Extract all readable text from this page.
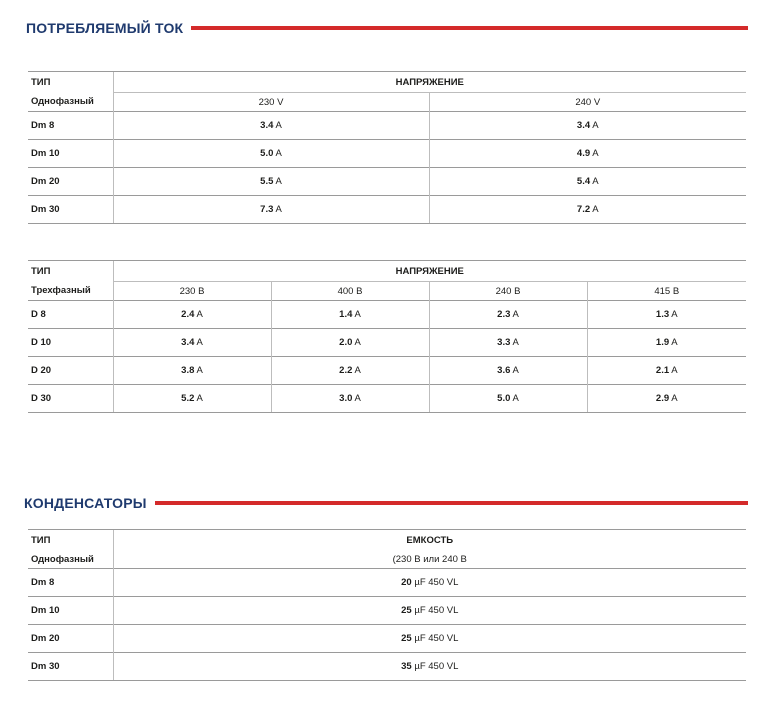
ПОТРЕБЛЯЕМЫЙ ТОК
ТИП	НАПРЯЖЕНИЕ	
Однофазный	230 V	240 V
Dm 8	3.4 A	3.4 A
Dm 10	5.0 A	4.9 A
Dm 20	5.5 A	5.4 A
Dm 30	7.3 A	7.2 A
ТИП	НАПРЯЖЕНИЕ			
Трехфазный	230 B	400 B	240 B	415 B
D 8	2.4 A	1.4 A	2.3 A	1.3 A
D 10	3.4 A	2.0 A	3.3 A	1.9 A
D 20	3.8 A	2.2 A	3.6 A	2.1 A
D 30	5.2 A	3.0 A	5.0 A	2.9 A
КОНДЕНСАТОРЫ
ТИП	ЕМКОСТЬ
Однофазный	(230 В или 240 В
Dm 8	20 µF 450 VL
Dm 10	25 µF 450 VL
Dm 20	25 µF 450 VL
Dm 30	35 µF 450 VL
